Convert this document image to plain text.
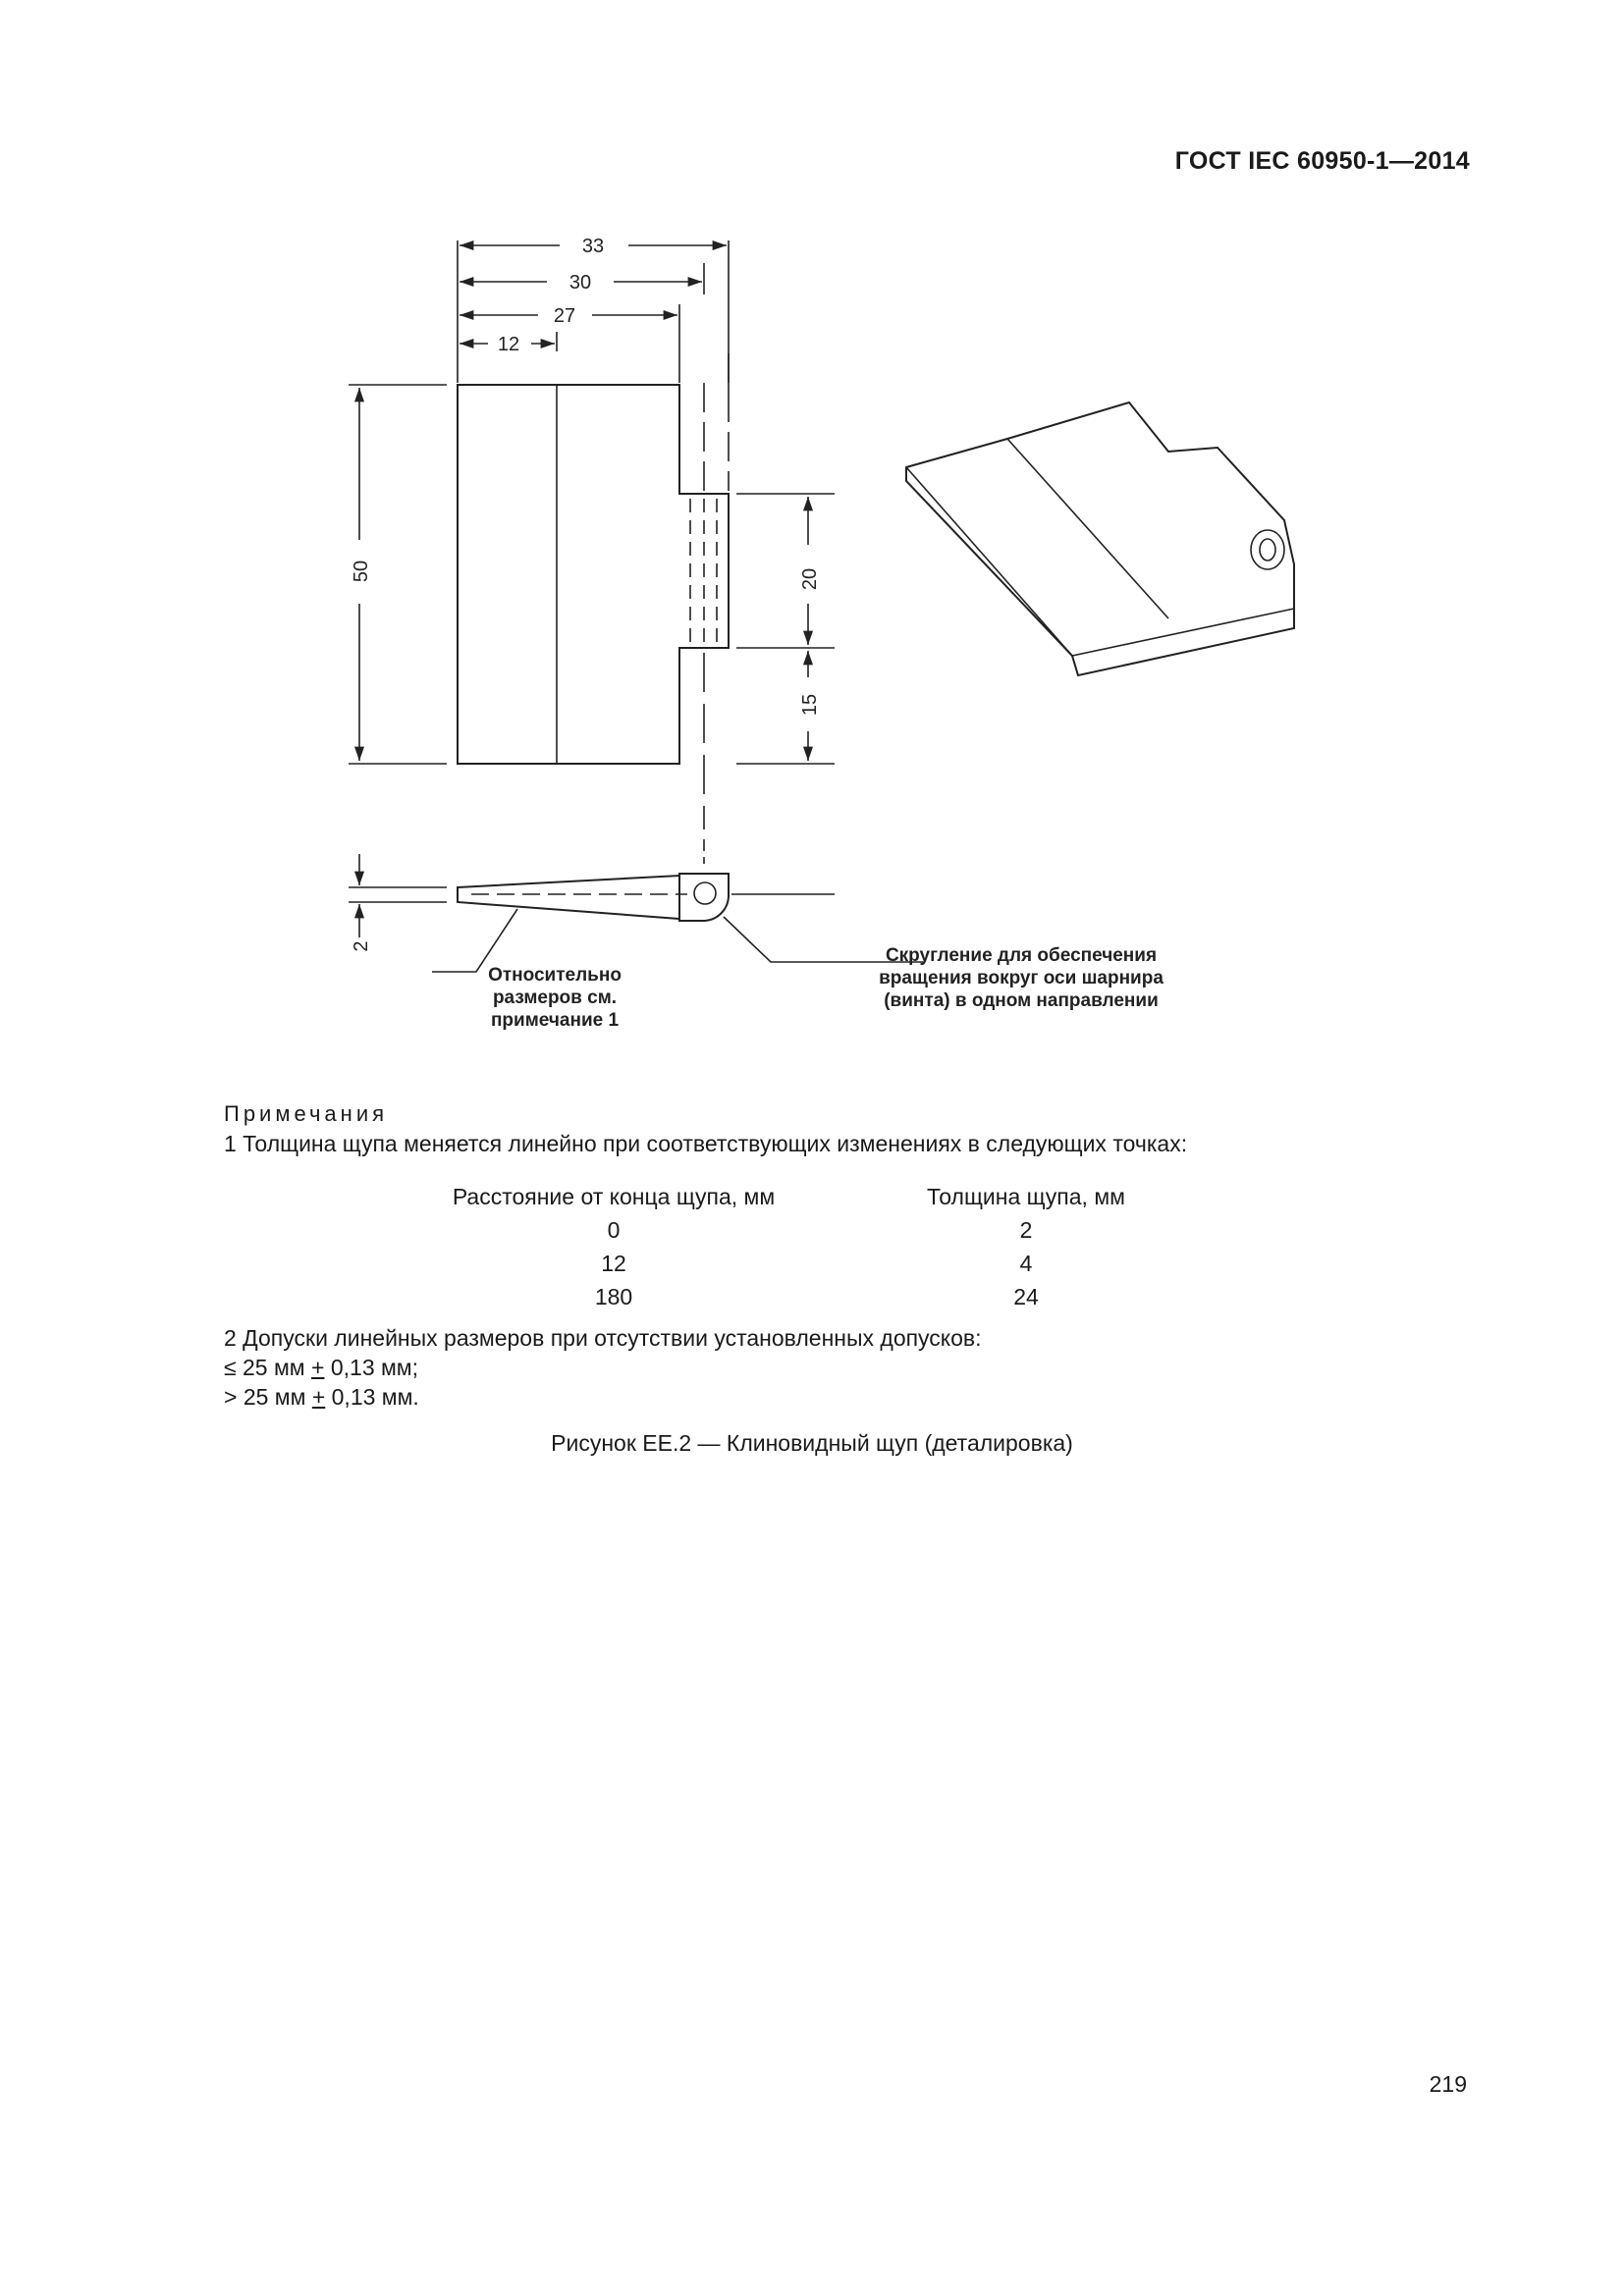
ГОСТ IEC 60950-1—2014
33
30
27
12
50	20
15
2
Относительно
размеров см.
примечание 1
Скругление для обеспечения
вращения вокруг оси шарнира
(винта) в одном направлении
Примечания
1 Толщина щупа меняется линейно при соответствующих изменениях в следующих точках:
Расстояние от конца щупа, мм	Толщина щупа, мм
0	2
12	4
180	24
2 Допуски линейных размеров при отсутствии установленных допусков:
≤ 25 мм + 0,13 мм;
> 25 мм + 0,13 мм.
Рисунок ЕЕ.2 — Клиновидный щуп (деталировка)
219
